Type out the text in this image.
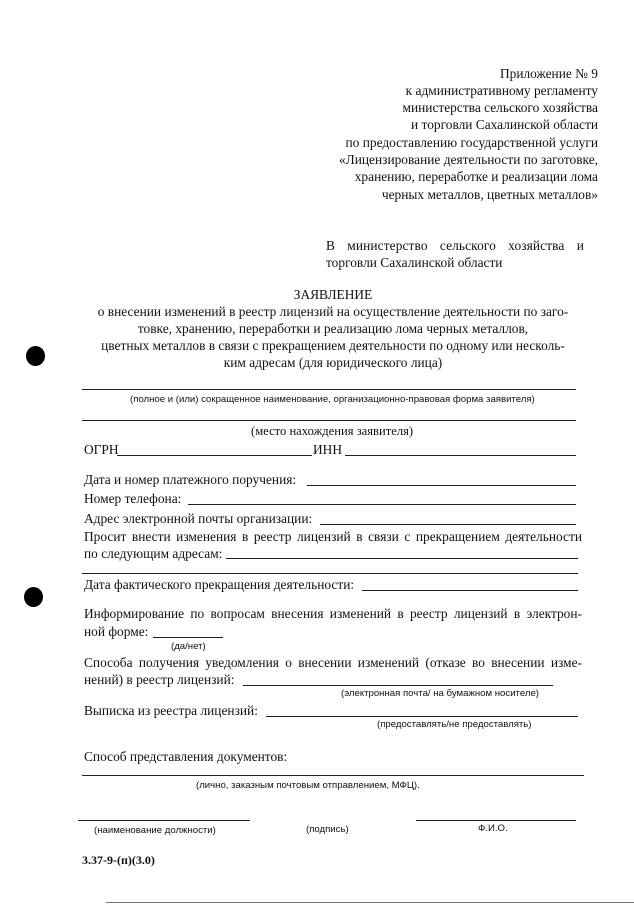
Приложение № 9
к административному регламенту
министерства сельского хозяйства
и торговли Сахалинской области
по предоставлению государственной услуги
«Лицензирование деятельности по заготовке,
хранению, переработке и реализации лома
черных металлов, цветных металлов»
В министерство сельского хозяйства и
торговли Сахалинской области
ЗАЯВЛЕНИЕ
о внесении изменений в реестр лицензий на осуществление деятельности по заго-
товке, хранению, переработки и реализацию лома черных металлов,
цветных металлов в связи с прекращением деятельности по одному или несколь-
ким адресам (для юридического лица)
(полное и (или) сокращенное наименование, организационно-правовая форма заявителя)
(место нахождения заявителя)
ОГРН	ИНН
Дата и номер платежного поручения:
Номер телефона:
Адрес электронной почты организации:
Просит внести изменения в реестр лицензий в связи с прекращением деятельности
по следующим адресам:
Дата фактического прекращения деятельности:
Информирование по вопросам внесения изменений в реестр лицензий в электрон-
ной форме:
(да/нет)
Способа получения уведомления о внесении изменений (отказе во внесении изме-
нений) в реестр лицензий:
(электронная почта/ на бумажном носителе)
Выписка из реестра лицензий:
(предоставлять/не предоставлять)
Способ представления документов:
(лично, заказным почтовым отправлением, МФЦ).
(наименование должности)	(подпись)	Ф.И.О.
3.37-9-(п)(3.0)
